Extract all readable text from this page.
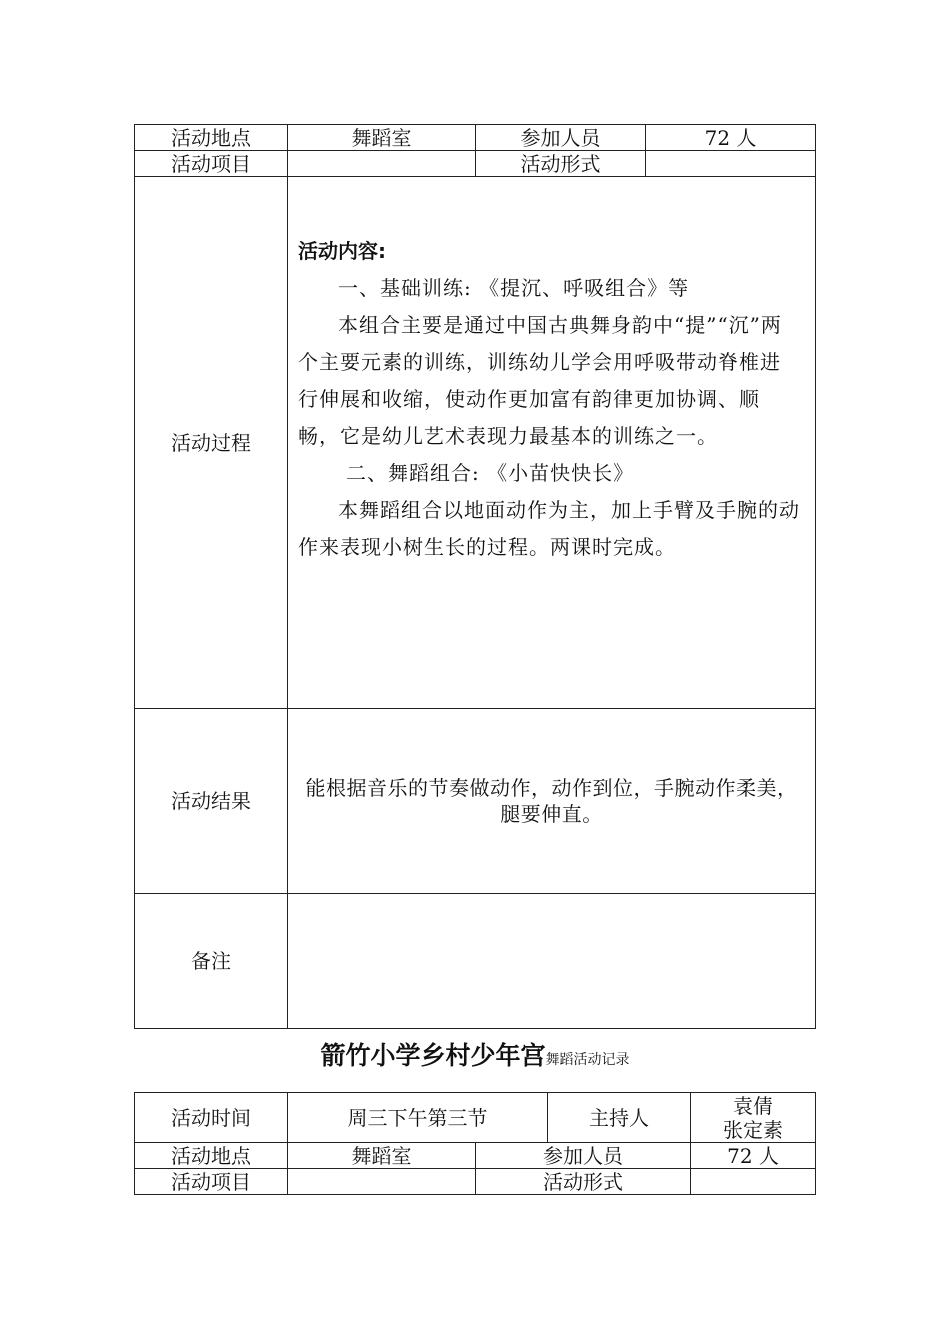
活动地点	舞蹈室	参加人员	72 人
活动项目		活动形式	
活动过程	活动内容:

一、基础训练: 《提沉、呼吸组合》等

本组合主要是通过中国古典舞身韵中“提”“沉”两个主要元素的训练，训练幼儿学会用呼吸带动脊椎进行伸展和收缩，使动作更加富有韵律更加协调、顺畅，它是幼儿艺术表现力最基本的训练之一。

二、舞蹈组合: 《小苗快快长》

本舞蹈组合以地面动作为主，加上手臂及手腕的动作来表现小树生长的过程。两课时完成。		

活动结果	能根据音乐的节奏做动作，动作到位，手腕动作柔美，腿要伸直。		

备注			
箭竹小学乡村少年宫舞蹈活动记录
活动时间	周三下午第三节		主持人	袁倩
张定素

活动地点	舞蹈室	参加人员		72 人
活动项目		活动形式		
